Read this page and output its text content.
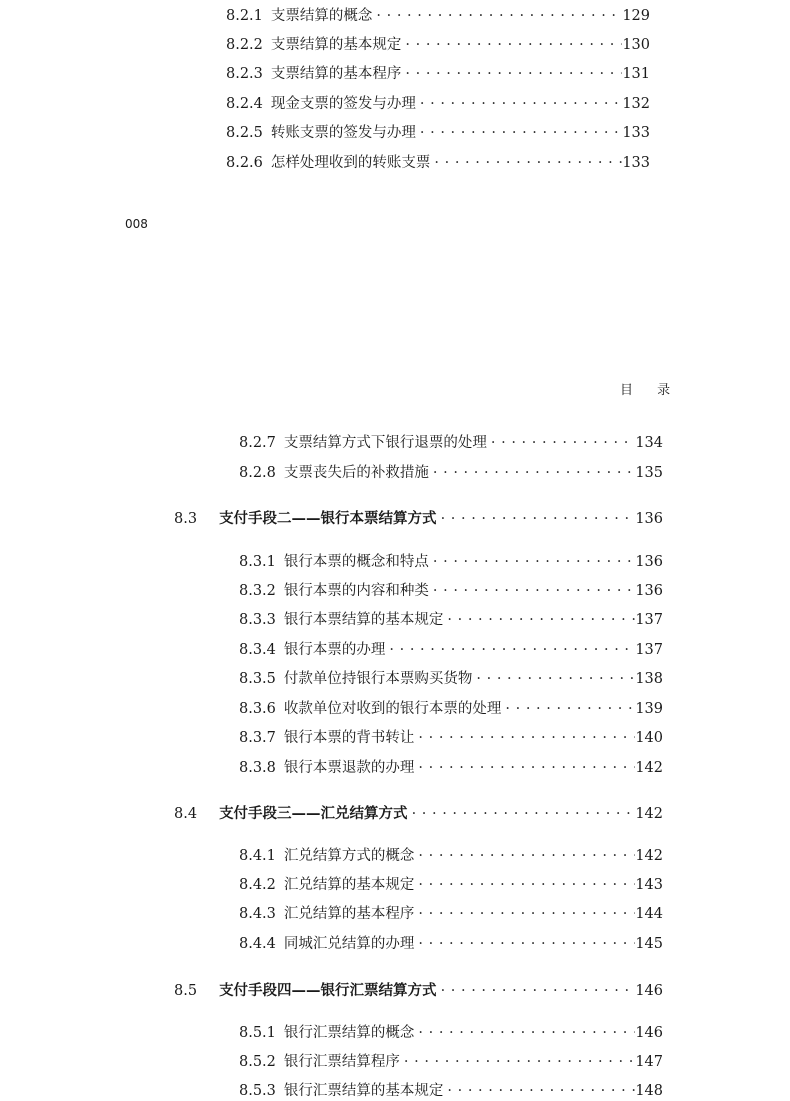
8.2.1 支票结算的概念 · · ·	129
8.2.2 支票结算的基本规定 · · ·	130
8.2.3 支票结算的基本程序 · · ·	131
8.2.4 现金支票的签发与办理 · · ·	132
8.2.5 转账支票的签发与办理 · · ·	133
8.2.6 怎样处理收到的转账支票 · · ·	133
008
目 录
8.2.7 支票结算方式下银行退票的处理 · · ·	134
8.2.8 支票丧失后的补救措施 · · ·	135
8.3	支付手段二——银行本票结算方式 · · ·	136
8.3.1 银行本票的概念和特点 · · ·	136
8.3.2 银行本票的内容和种类 · · ·	136
8.3.3 银行本票结算的基本规定 · · ·	137
8.3.4 银行本票的办理 · · ·	137
8.3.5 付款单位持银行本票购买货物 · · ·	138
8.3.6 收款单位对收到的银行本票的处理 · · ·	139
8.3.7 银行本票的背书转让 · · ·	140
8.3.8 银行本票退款的办理 · · ·	142
8.4	支付手段三——汇兑结算方式 · · ·	142
8.4.1 汇兑结算方式的概念 · · ·	142
8.4.2 汇兑结算的基本规定 · · ·	143
8.4.3 汇兑结算的基本程序 · · ·	144
8.4.4 同城汇兑结算的办理 · · ·	145
8.5	支付手段四——银行汇票结算方式 · · ·	146
8.5.1 银行汇票结算的概念 · · ·	146
8.5.2 银行汇票结算程序 · · ·	147
8.5.3 银行汇票结算的基本规定 · · ·	148
